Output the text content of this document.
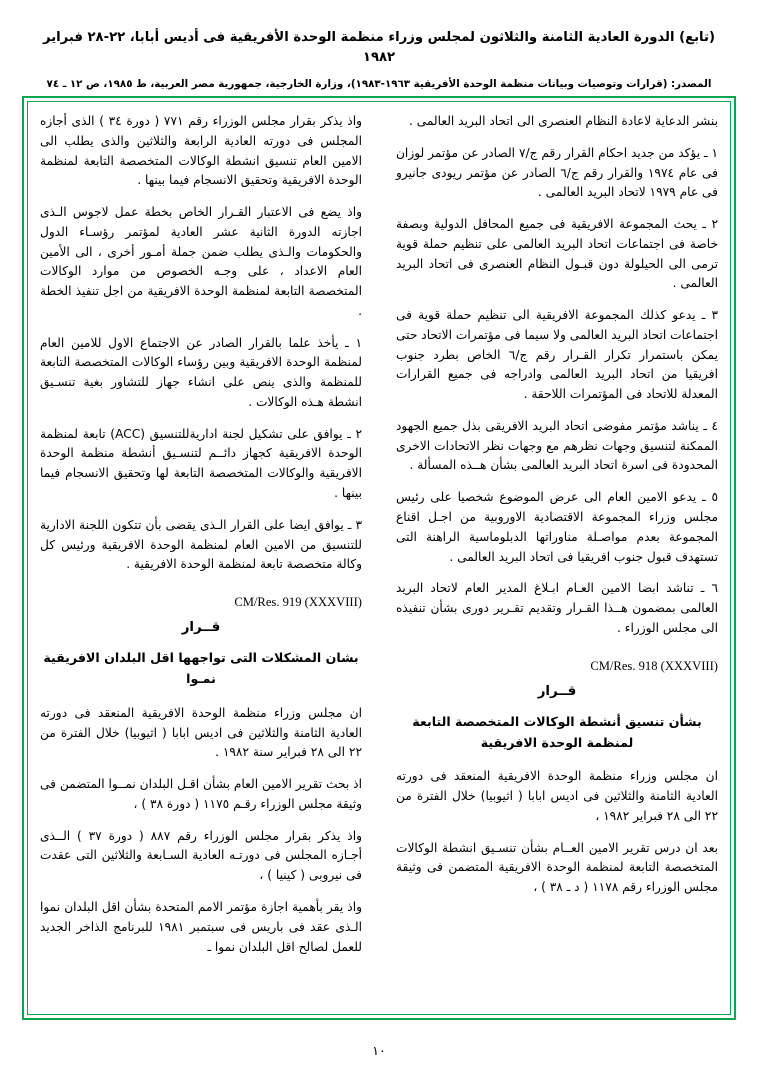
(تابع) الدورة العادية الثامنة والثلاثون لمجلس وزراء منظمة الوحدة الأفريقية فى أديس أبابا، ٢٢-٢٨ فبراير ١٩٨٢
المصدر: (قرارات وتوصيات وبيانات منظمة الوحدة الأفريقية ١٩٦٣-١٩٨٣)، وزارة الخارجية، جمهورية مصر العربية، ط ١٩٨٥، ص ١٢ ـ ٧٤

بنشر الدعاية لاعادة النظام العنصرى الى اتحاد البريد العالمى .

١ ـ يؤكد من جديد احكام القرار رقم ج/٧ الصادر عن مؤتمر لوزان فى عام ١٩٧٤ والقرار رقم ج/٦ الصادر عن مؤتمر ريودى جانيرو فى عام ١٩٧٩ لاتحاد البريد العالمى .

٢ ـ يحث المجموعة الافريقية فى جميع المحافل الدولية وبصفة خاصة فى اجتماعات اتحاد البريد العالمى على تنظيم حملة قوية ترمى الى الحيلولة دون قبـول النظام العنصرى فى اتحاد البريد العالمى .

٣ ـ يدعو كذلك المجموعة الافريقية الى تنظيم حملة قوية فى اجتماعات اتحاد البريد العالمى ولا سيما فى مؤتمرات الاتحاد حتى يمكن باستمرار تكرار القـرار رقم ج/٦ الخاص بطرد جنوب افريقيا من اتحاد البريد العالمى وادراجه فى جميع القرارات المعدلة للاتحاد فى المؤتمرات اللاحقة .

٤ ـ يناشد مؤتمر مفوضى اتحاد البريد الافريقى بذل جميع الجهود الممكنة لتنسيق وجهات نظرهم مع وجهات نظر الاتحادات الاخرى المحدودة فى اسرة اتحاد البريد العالمى بشأن هــذه المسألة .

٥ ـ يدعو الامين العام الى عرض الموضوع شخصيا على رئيس مجلس وزراء المجموعة الاقتصادية الاوروبية من اجـل اقناع المجموعة بعدم مواصـلة مناوراتها الدبلوماسية الراهنة التى تستهدف قبول جنوب افريقيا فى اتحاد البريد العالمى .

٦ ـ تناشد ابضا الامين العـام ابـلاغ المدير العام لاتحاد البريد العالمى بمضمون هــذا القـرار وتقديم تقـرير دورى بشأن تنفيذه الى مجلس الوزراء .

CM/Res. 918 (XXXVIII)
قــرار
بشأن تنسيق أنشطة الوكالات المتخصصة التابعة لمنظمة الوحدة الافريقية

ان مجلس وزراء منظمة الوحدة الافريقية المنعقد فى دورته العادية الثامنة والثلاثين فى اديس ابابا ( اثيوبيا) خلال الفترة من ٢٢ الى ٢٨ فبراير ١٩٨٢ ،

بعد ان درس تقرير الامين العــام بشأن تنسـيق انشطة الوكالات المتخصصة التابعة لمنظمة الوحدة الافريقية المتضمن فى وثيقة مجلس الوزراء رقم ١١٧٨ ( د ـ ٣٨ ) ،

واذ يذكر بقرار مجلس الوزراء رقم ٧٧١ ( دورة ٣٤ ) الذى أجازه المجلس فى دورته العادية الرابعة والثلاثين والذى يطلب الى الامين العام تنسيق انشطة الوكالات المتخصصة التابعة لمنظمة الوحدة الافريقية وتحقيق الانسجام فيما بينها .

واذ يضع فى الاعتبار القـرار الخاص بخطة عمل لاجوس الـذى اجازته الدورة الثانية عشر العادية لمؤتمر رؤسـاء الدول والحكومات والـذى يطلب ضمن جملة أمـور أخرى ، الى الأمين العام الاعداد ، على وجـه الخصوص من موارد الوكالات المتخصصة التابعة لمنظمة الوحدة الافريقية من اجل تنفيذ الخطة .

١ ـ يأخذ علما بالقرار الصادر عن الاجتماع الاول للامين العام لمنظمة الوحدة الافريقية وبين رؤساء الوكالات المتخصصة التابعة للمنظمة والذى ينص على انشاء جهاز للتشاور بغية تنسـيق انشطة هـذه الوكالات .

٢ ـ يوافق على تشكيل لجنة اداريةللتنسيق (ACC) تابعة لمنظمة الوحدة الافريقية كجهاز دائــم لتنسـيق أنشطة منظمة الوحدة الافريقية والوكالات المتخصصة التابعة لها وتحقيق الانسجام فيما بينها .

٣ ـ يوافق ايضا على القرار الـذى يقضى بأن تتكون اللجنة الادارية للتنسيق من الامين العام لمنظمة الوحدة الافريقية ورئيس كل وكالة متخصصة تابعة لمنظمة الوحدة الافريقية .

CM/Res. 919 (XXXVIII)
قــرار
بشان المشكلات التى تواجهها اقل البلدان الافريقية نمـوا

ان مجلس وزراء منظمة الوحدة الافريقية المنعقد فى دورته العادية الثامنة والثلاثين فى اديس ابابا ( اثيوبيا) خلال الفترة من ٢٢ الى ٢٨ فبراير سنة ١٩٨٢ .

اذ بحث تقرير الامين العام بشأن اقـل البلدان نمــوا المتضمن فى وثيقة مجلس الوزراء رقـم ١١٧٥ ( دورة ٣٨ ) ،

واذ يذكر بقرار مجلس الوزراء رقم ٨٨٧ ( دورة ٣٧ ) الــذى أجـازه المجلس فى دورتـه العادية السـابعة والثلاثين التى عقدت فى نيروبى ( كينيا ) ،

واذ يقر بأهمية اجازة مؤتمر الامم المتحدة بشأن اقل البلدان نموا الـذى عقد فى باريس فى سبتمبر ١٩٨١ للبرنامج الذاخر الجديد للعمل لصالح اقل البلدان نموا ـ

١٠
